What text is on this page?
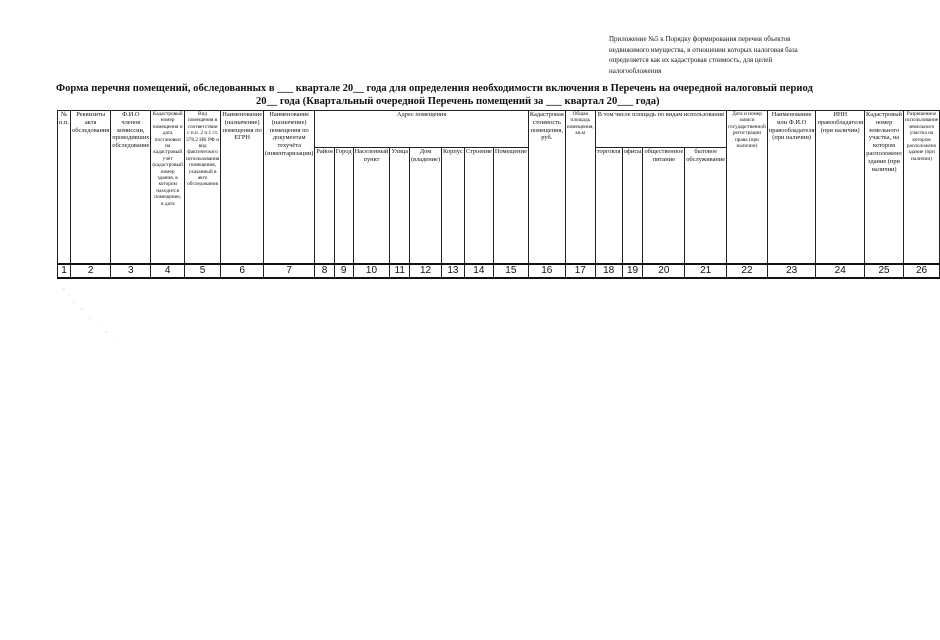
Приложение №5 к Порядку формирования перечня объектов
недвижимого имущества, в отношении которых налоговая база
определяется как их кадастровая стоимость, для целей
налогообложения
Форма перечня помещений, обследованных в ___ квартале 20__ года для определения необходимости включения в Перечень на очередной налоговый период
20__ года (Квартальный очередной Перечень помещений за ___ квартал 20___ года)
№ п.п.	Реквизиты акта обследования	Ф.И.О членов комиссии, проводивших обследование	Кадастровый номер помещения и дата постановки на кадастровый учёт (кадастровый номер здания, в котором находится помещение, и дата	Вид помещения в соответствии с п.п. 2 п.1 ст. 378.2 НК РФ и вид фактического использования помещения, указанный в акте обследования	Наименование (назначение) помещения по ЕГРН	Наименование (назначение) помещения по документам техучёта (инвентаризации)	Адрес помещения								Кадастровая стоимость помещения, руб.	Общая площадь помещения, кв.м	В том числе площадь по видам использования				Дата и номер записи государственной регистрации права (при наличии)	Наименование или Ф.И.О правообладателя (при наличии)	ИНН правообладателя (при наличии)	Кадастровый номер земельного участка, на котором расположено здание (при наличии)	Разрешенное использование земельного участка на котором расположено здание (при наличии)
							Район	Город	Населенный пункт	Улица	Дом (владение)	Корпус	Строение	Помещение			торговля	офисы	общественное питание	бытовое обслуживание					
1	2	3	4	5	6	7	8	9	10	11	12	13	14	15	16	17	18	19	20	21	22	23	24	25	26
